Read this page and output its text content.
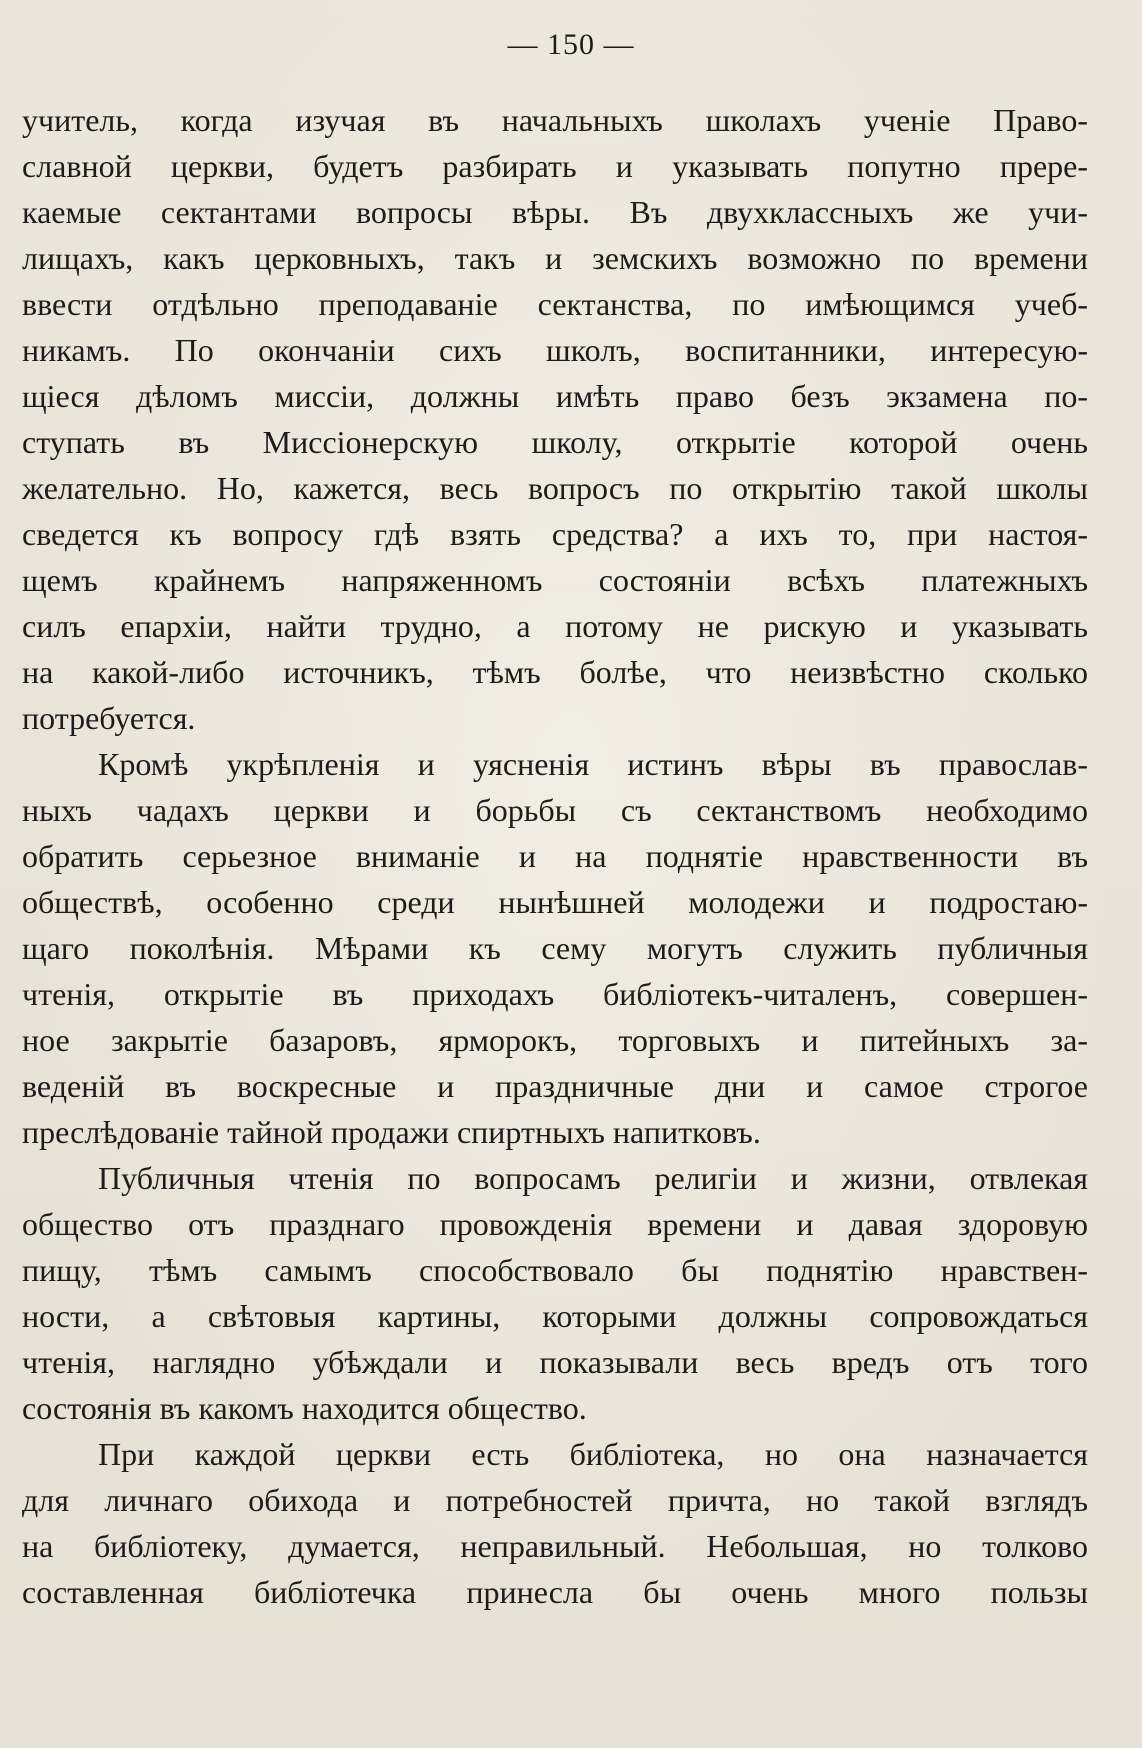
— 150 —
учитель, когда изучая въ начальныхъ школахъ ученіе Право-
славной церкви, будетъ разбирать и указывать попутно прере-
каемые сектантами вопросы вѣры. Въ двухклассныхъ же учи-
лищахъ, какъ церковныхъ, такъ и земскихъ возможно по времени
ввести отдѣльно преподаваніе сектанства, по имѣющимся учеб-
никамъ. По окончаніи сихъ школъ, воспитанники, интересую-
щіеся дѣломъ миссіи, должны имѣть право безъ экзамена по-
ступать въ Миссіонерскую школу, открытіе которой очень
желательно. Но, кажется, весь вопросъ по открытію такой школы
сведется къ вопросу гдѣ взять средства? а ихъ то, при настоя-
щемъ крайнемъ напряженномъ состояніи всѣхъ платежныхъ
силъ епархіи, найти трудно, а потому не рискую и указывать
на какой-либо источникъ, тѣмъ болѣе, что неизвѣстно сколько
потребуется.
Кромѣ укрѣпленія и уясненія истинъ вѣры въ православ-
ныхъ чадахъ церкви и борьбы съ сектанствомъ необходимо
обратить серьезное вниманіе и на поднятіе нравственности въ
обществѣ, особенно среди нынѣшней молодежи и подростаю-
щаго поколѣнія. Мѣрами къ сему могутъ служить публичныя
чтенія, открытіе въ приходахъ библіотекъ-читаленъ, совершен-
ное закрытіе базаровъ, ярморокъ, торговыхъ и питейныхъ за-
веденій въ воскресные и праздничные дни и самое строгое
преслѣдованіе тайной продажи спиртныхъ напитковъ.
Публичныя чтенія по вопросамъ религіи и жизни, отвлекая
общество отъ празднаго провожденія времени и давая здоровую
пищу, тѣмъ самымъ способствовало бы поднятію нравствен-
ности, а свѣтовыя картины, которыми должны сопровождаться
чтенія, наглядно убѣждали и показывали весь вредъ отъ того
состоянія въ какомъ находится общество.
При каждой церкви есть библіотека, но она назначается
для личнаго обихода и потребностей причта, но такой взглядъ
на библіотеку, думается, неправильный. Небольшая, но толково
составленная библіотечка принесла бы очень много пользы
